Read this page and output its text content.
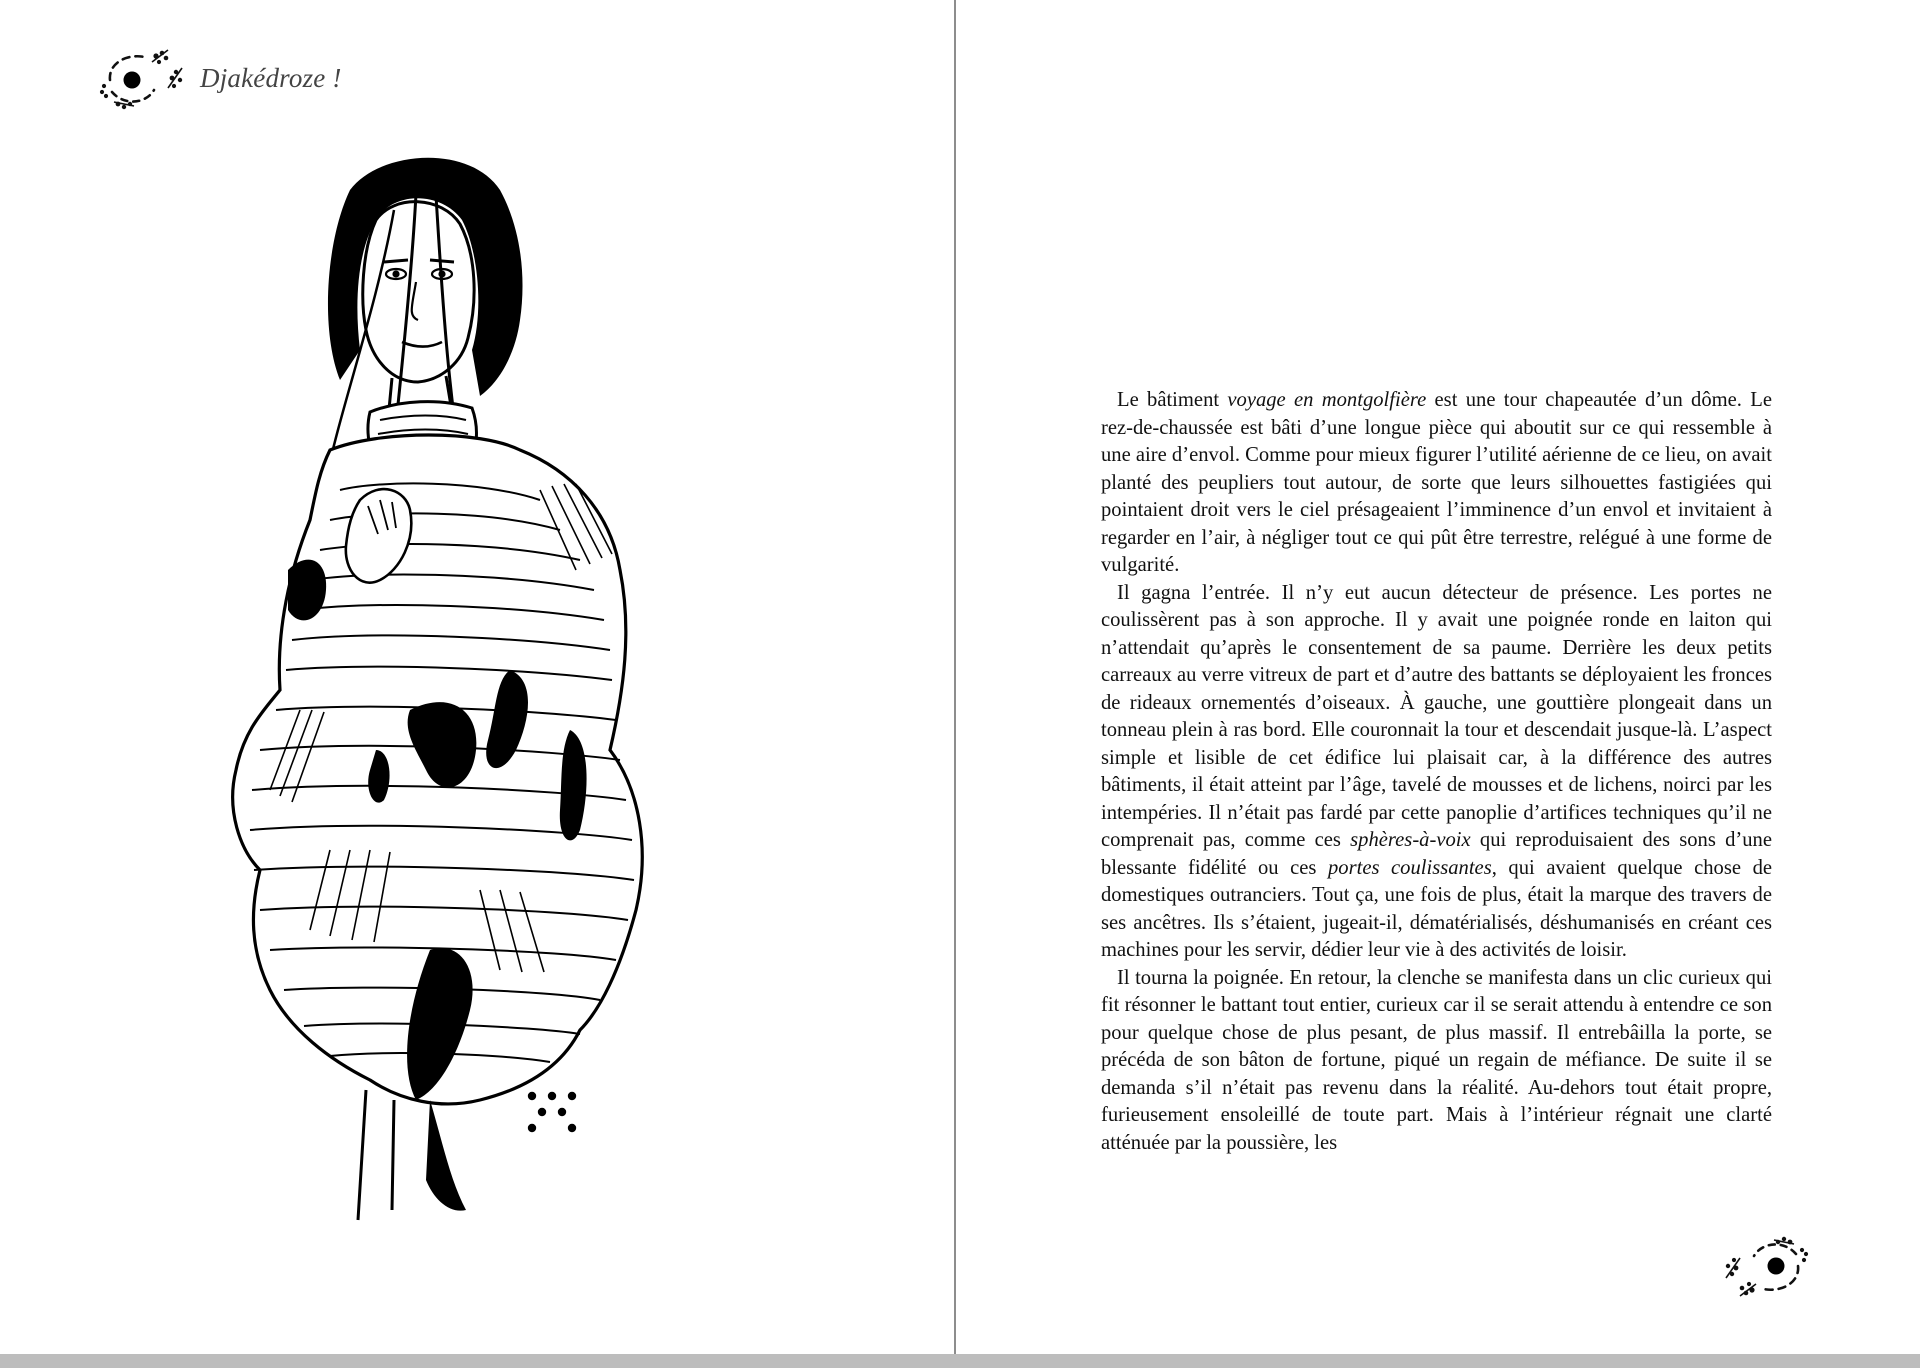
Djakédroze !

Le bâtiment voyage en montgolfière est une tour chapeautée d’un dôme. Le rez-de-chaussée est bâti d’une longue pièce qui aboutit sur ce qui ressemble à une aire d’envol. Comme pour mieux figurer l’utilité aérienne de ce lieu, on avait planté des peupliers tout autour, de sorte que leurs silhouettes fastigiées qui pointaient droit vers le ciel présageaient l’imminence d’un envol et invitaient à regarder en l’air, à négliger tout ce qui pût être terrestre, relégué à une forme de vulgarité.

Il gagna l’entrée. Il n’y eut aucun détecteur de présence. Les portes ne coulissèrent pas à son approche. Il y avait une poignée ronde en laiton qui n’attendait qu’après le consentement de sa paume. Derrière les deux petits carreaux au verre vitreux de part et d’autre des battants se déployaient les fronces de rideaux ornementés d’oiseaux. À gauche, une gouttière plongeait dans un tonneau plein à ras bord. Elle couronnait la tour et descendait jusque-là. L’aspect simple et lisible de cet édifice lui plaisait car, à la différence des autres bâtiments, il était atteint par l’âge, tavelé de mousses et de lichens, noirci par les intempéries. Il n’était pas fardé par cette panoplie d’artifices techniques qu’il ne comprenait pas, comme ces sphères-à-voix qui reproduisaient des sons d’une blessante fidélité ou ces portes coulissantes, qui avaient quelque chose de domestiques outranciers. Tout ça, une fois de plus, était la marque des travers de ses ancêtres. Ils s’étaient, jugeait-il, dématérialisés, déshumanisés en créant ces machines pour les servir, dédier leur vie à des activités de loisir.

Il tourna la poignée. En retour, la clenche se manifesta dans un clic curieux qui fit résonner le battant tout entier, curieux car il se serait attendu à entendre ce son pour quelque chose de plus pesant, de plus massif. Il entrebâilla la porte, se précéda de son bâton de fortune, piqué un regain de méfiance. De suite il se demanda s’il n’était pas revenu dans la réalité. Au-dehors tout était propre, furieusement ensoleillé de toute part. Mais à l’intérieur régnait une clarté atténuée par la poussière, les
